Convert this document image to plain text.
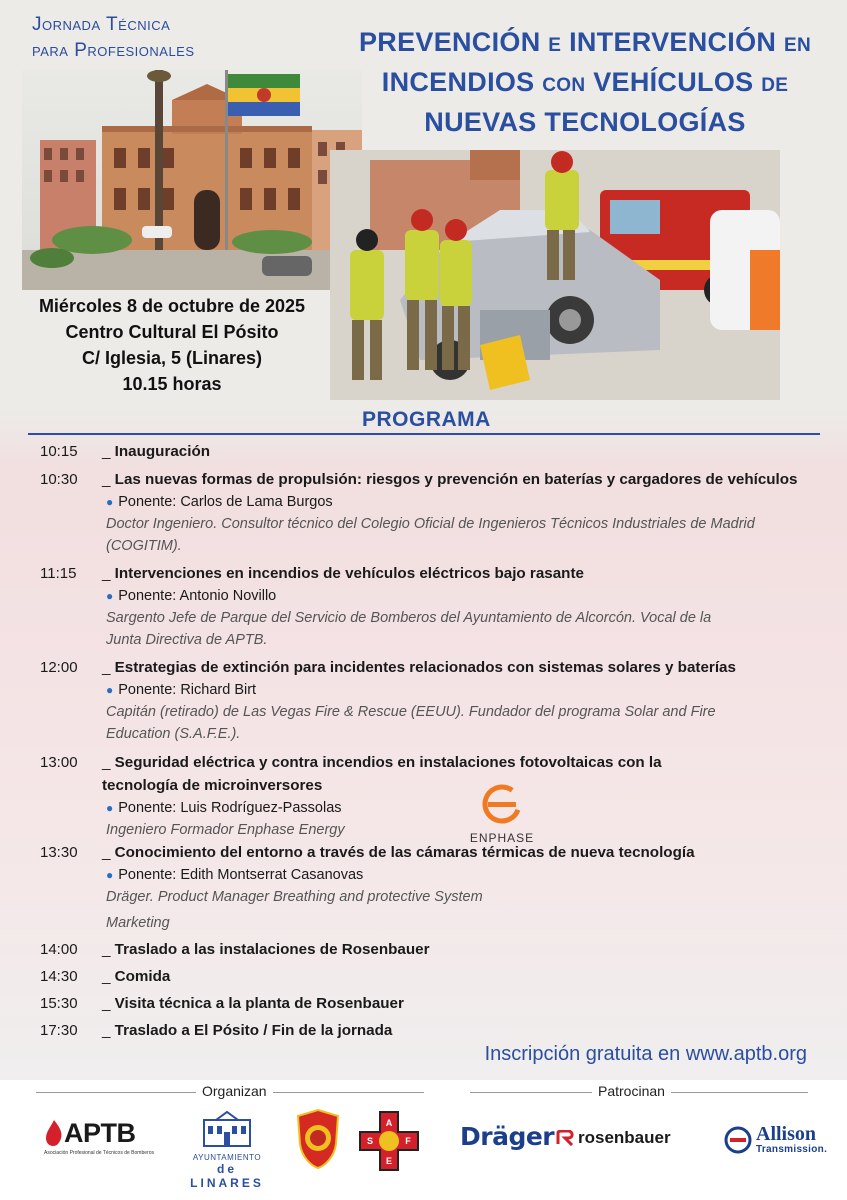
Jornada Técnica
para Profesionales	PREVENCIÓN e INTERVENCIÓN en
INCENDIOS con VEHÍCULOS de
NUEVAS TECNOLOGÍAS
Miércoles 8 de octubre de 2025
Centro Cultural El Pósito
C/ Iglesia, 5 (Linares)
10.15 horas
PROGRAMA
10:15 _ Inauguración
10:30 _ Las nuevas formas de propulsión: riesgos y prevención en baterías y cargadores de vehículos
● Ponente: Carlos de Lama Burgos
Doctor Ingeniero. Consultor técnico del Colegio Oficial de Ingenieros Técnicos Industriales de Madrid (COGITIM).
11:15 _ Intervenciones en incendios de vehículos eléctricos bajo rasante
● Ponente: Antonio Novillo
Sargento Jefe de Parque del Servicio de Bomberos del Ayuntamiento de Alcorcón. Vocal de la Junta Directiva de APTB.
12:00 _ Estrategias de extinción para incidentes relacionados con sistemas solares y baterías
● Ponente: Richard Birt
Capitán (retirado) de Las Vegas Fire & Rescue (EEUU). Fundador del programa Solar and Fire Education (S.A.F.E.).
13:00 _ Seguridad eléctrica y contra incendios en instalaciones fotovoltaicas con la tecnología de microinversores
● Ponente: Luis Rodríguez-Passolas
Ingeniero Formador Enphase Energy
13:30 _ Conocimiento del entorno a través de las cámaras térmicas de nueva tecnología
● Ponente: Edith Montserrat Casanovas
Dräger. Product Manager Breathing and protective System
Marketing
14:00 _ Traslado a las instalaciones de Rosenbauer
14:30 _ Comida
15:30 _ Visita técnica a la planta de Rosenbauer
17:30 _ Traslado a El Pósito / Fin de la jornada
ENPHASE
Inscripción gratuita en www.aptb.org
Organizan	Patrocinan
APTB
Asociación Profesional de Técnicos de Bomberos	AYUNTAMIENTO
de LINARES
A
S	F
E
Dräger rosenbauer	Allison
Transmission.
